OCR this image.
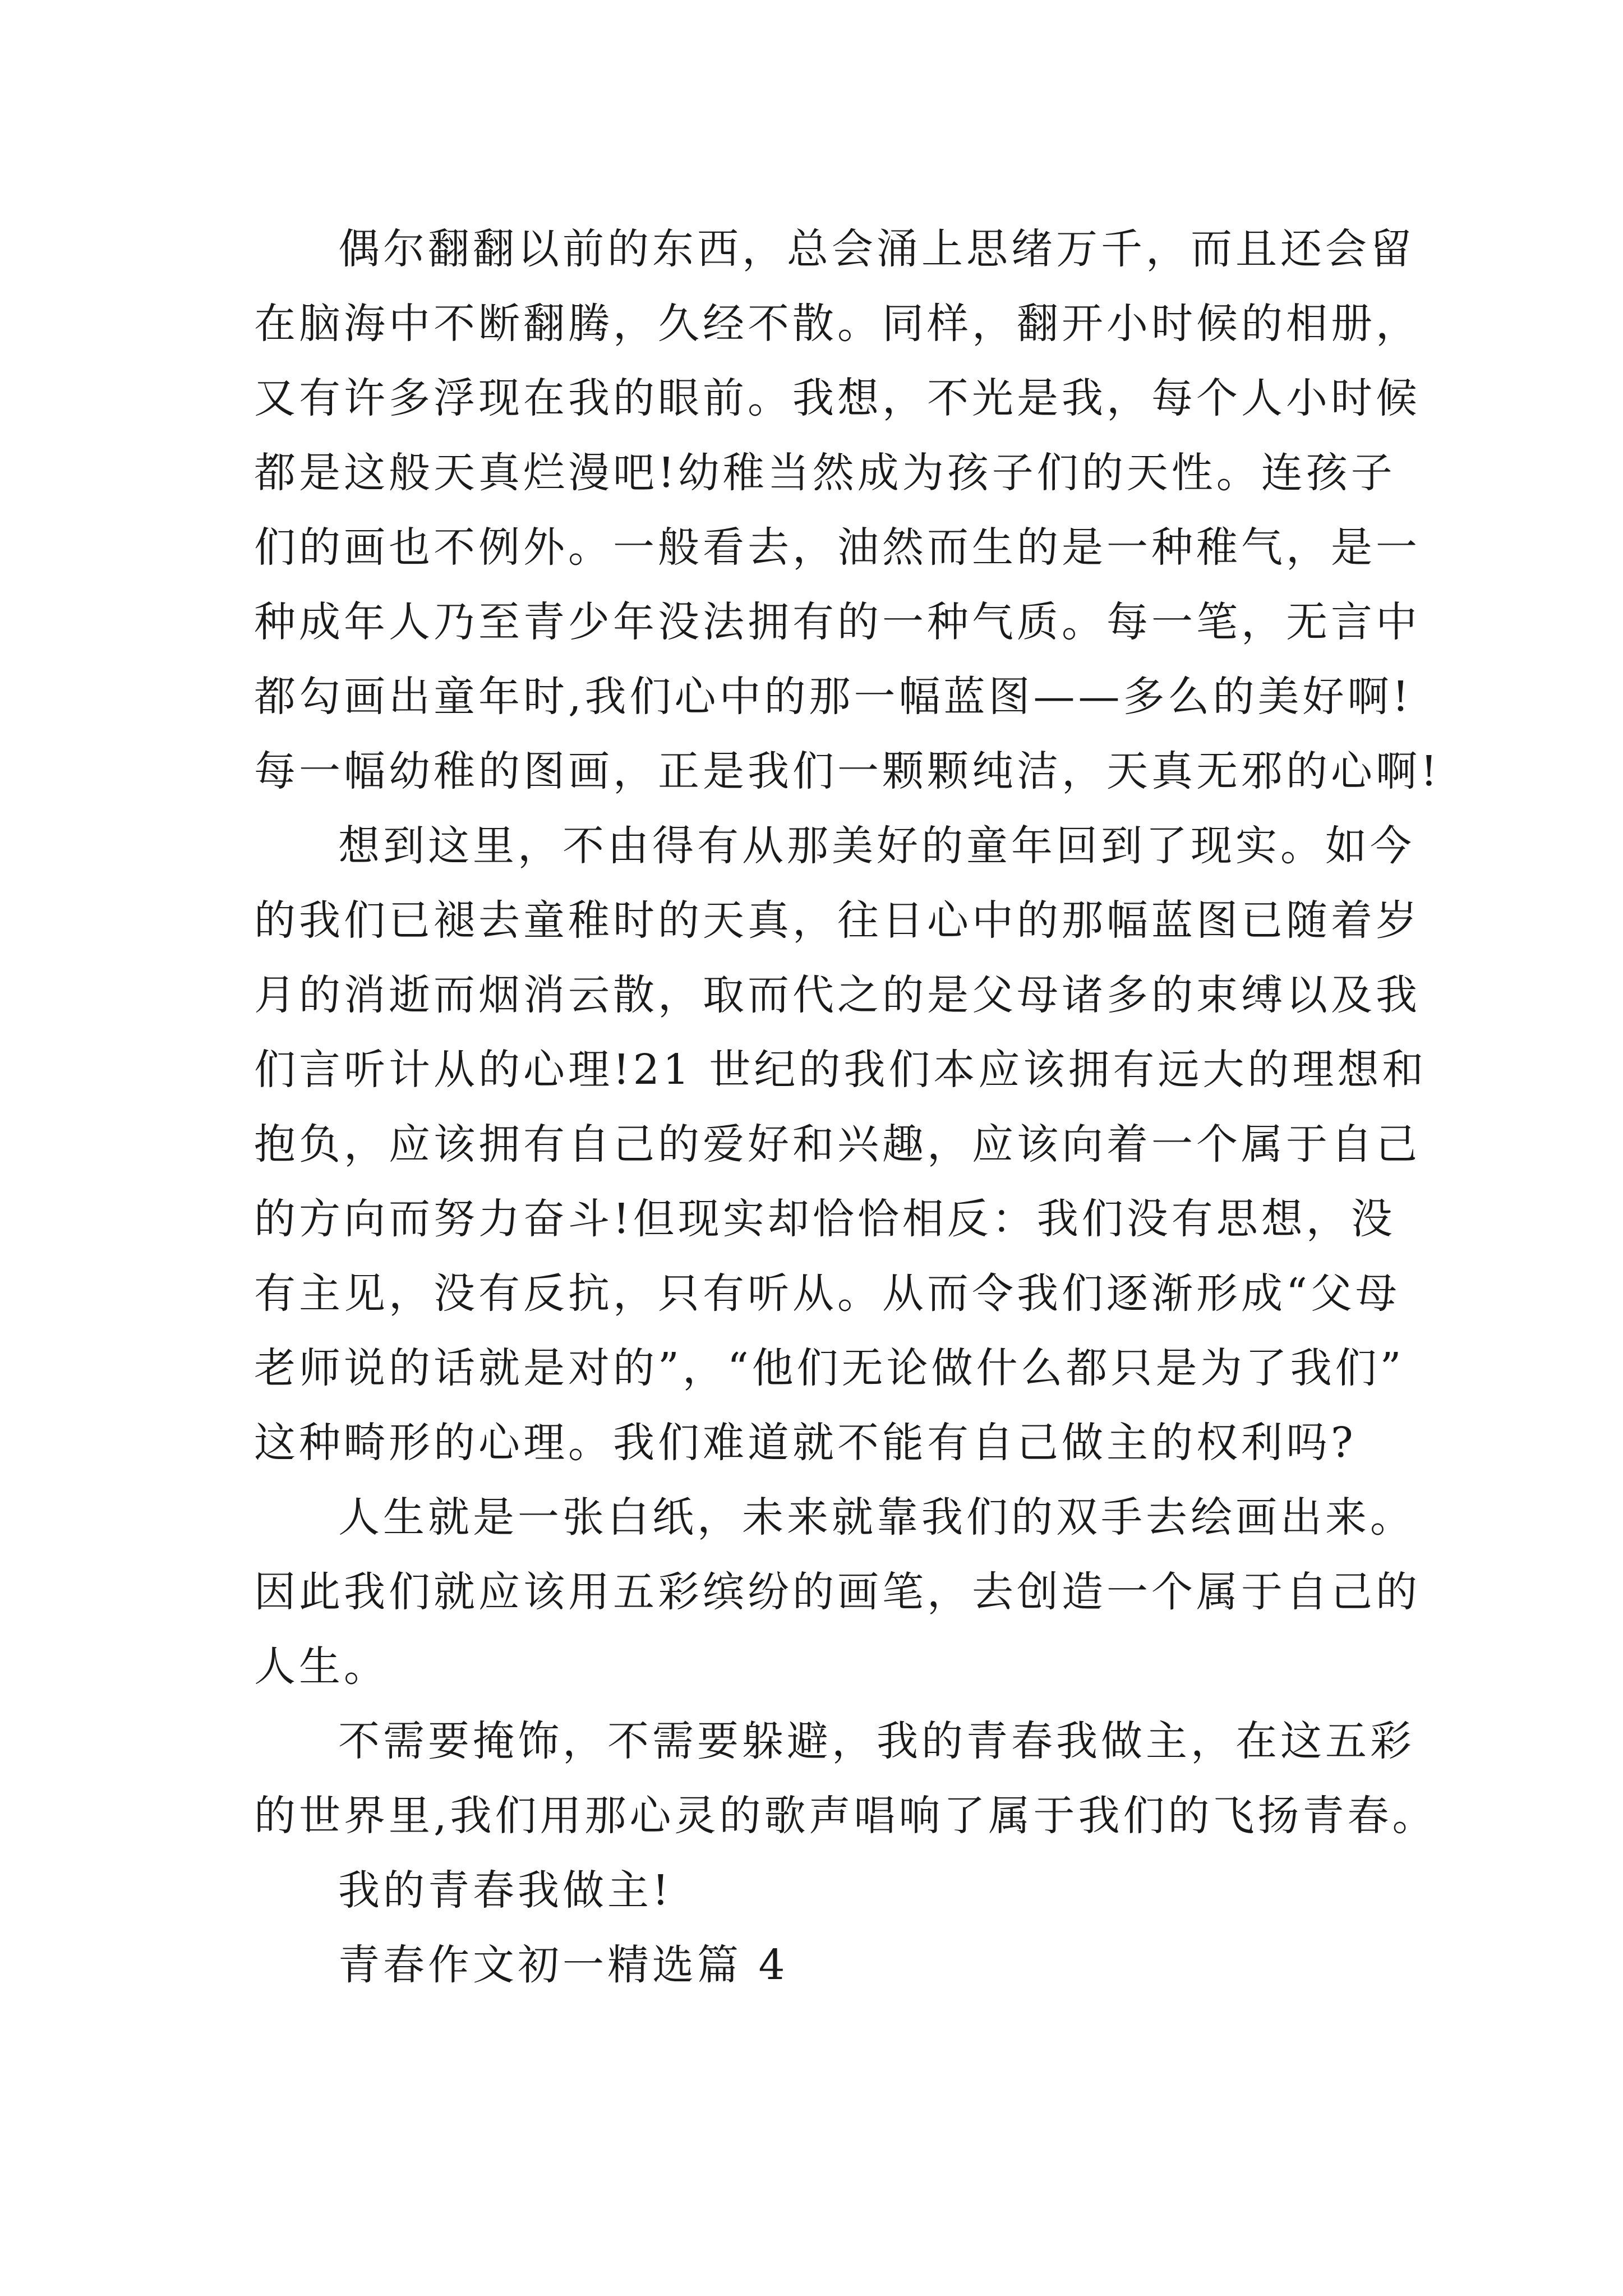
偶尔翻翻以前的东西，总会涌上思绪万千，而且还会留
在脑海中不断翻腾，久经不散。同样，翻开小时候的相册，
又有许多浮现在我的眼前。我想，不光是我，每个人小时候
都是这般天真烂漫吧!幼稚当然成为孩子们的天性。连孩子
们的画也不例外。一般看去，油然而生的是一种稚气，是一
种成年人乃至青少年没法拥有的一种气质。每一笔，无言中
都勾画出童年时,我们心中的那一幅蓝图——多么的美好啊!
每一幅幼稚的图画，正是我们一颗颗纯洁，天真无邪的心啊!
想到这里，不由得有从那美好的童年回到了现实。如今
的我们已褪去童稚时的天真，往日心中的那幅蓝图已随着岁
月的消逝而烟消云散，取而代之的是父母诸多的束缚以及我
们言听计从的心理!21 世纪的我们本应该拥有远大的理想和
抱负，应该拥有自己的爱好和兴趣，应该向着一个属于自己
的方向而努力奋斗!但现实却恰恰相反：我们没有思想，没
有主见，没有反抗，只有听从。从而令我们逐渐形成“父母
老师说的话就是对的”，“他们无论做什么都只是为了我们”
这种畸形的心理。我们难道就不能有自己做主的权利吗?
人生就是一张白纸，未来就靠我们的双手去绘画出来。
因此我们就应该用五彩缤纷的画笔，去创造一个属于自己的
人生。
不需要掩饰，不需要躲避，我的青春我做主，在这五彩
的世界里,我们用那心灵的歌声唱响了属于我们的飞扬青春。
我的青春我做主!
青春作文初一精选篇 4
